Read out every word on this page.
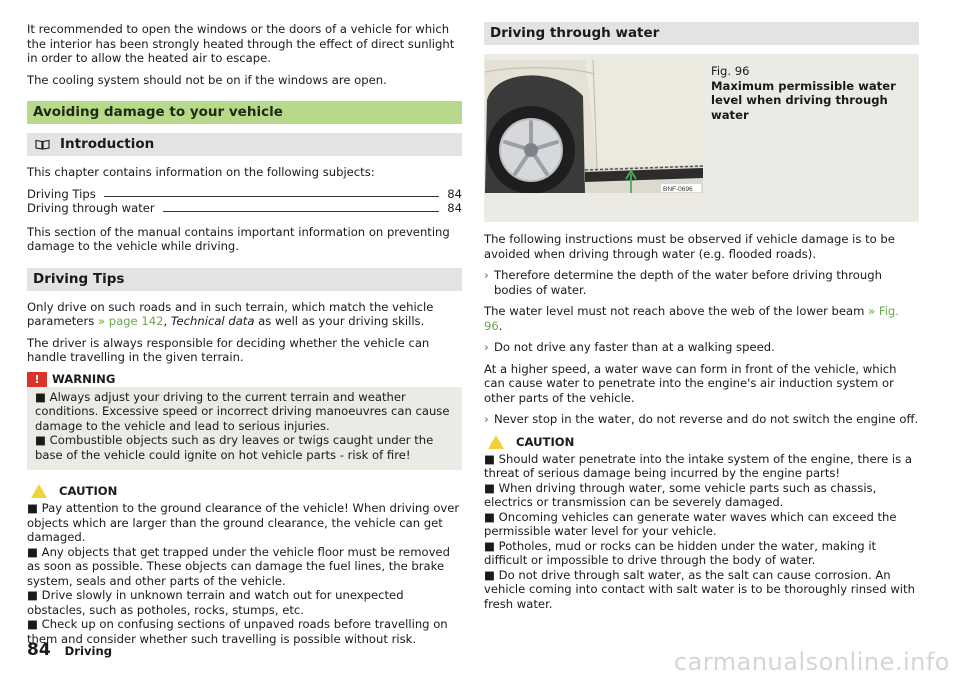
It recommended to open the windows or the doors of a vehicle for which the interior has been strongly heated through the effect of direct sunlight in order to allow the heated air to escape.

The cooling system should not be on if the windows are open.

Avoiding damage to your vehicle
Introduction

This chapter contains information on the following subjects:

Driving Tips	84
Driving through water	84

This section of the manual contains important information on preventing damage to the vehicle while driving.

Driving Tips

Only drive on such roads and in such terrain, which match the vehicle parameters » page 142, Technical data as well as your driving skills.

The driver is always responsible for deciding whether the vehicle can handle travelling in the given terrain.

!	WARNING

■ Always adjust your driving to the current terrain and weather conditions. Excessive speed or incorrect driving manoeuvres can cause damage to the vehicle and lead to serious injuries.

■ Combustible objects such as dry leaves or twigs caught under the base of the vehicle could ignite on hot vehicle parts - risk of fire!

CAUTION

■ Pay attention to the ground clearance of the vehicle! When driving over objects which are larger than the ground clearance, the vehicle can get damaged.

■ Any objects that get trapped under the vehicle floor must be removed as soon as possible. These objects can damage the fuel lines, the brake system, seals and other parts of the vehicle.

■ Drive slowly in unknown terrain and watch out for unexpected obstacles, such as potholes, rocks, stumps, etc.

■ Check up on confusing sections of unpaved roads before travelling on them and consider whether such travelling is possible without risk.

Driving through water
BNF-0696
Fig. 96
Maximum permissible water level when driving through water

The following instructions must be observed if vehicle damage is to be avoided when driving through water (e.g. flooded roads).

› Therefore determine the depth of the water before driving through bodies of water.

The water level must not reach above the web of the lower beam » Fig. 96.

› Do not drive any faster than at a walking speed.

At a higher speed, a water wave can form in front of the vehicle, which can cause water to penetrate into the engine's air induction system or other parts of the vehicle.

› Never stop in the water, do not reverse and do not switch the engine off.
CAUTION

■ Should water penetrate into the intake system of the engine, there is a threat of serious damage being incurred by the engine parts!

■ When driving through water, some vehicle parts such as chassis, electrics or transmission can be severely damaged.

■ Oncoming vehicles can generate water waves which can exceed the permissible water level for your vehicle.

■ Potholes, mud or rocks can be hidden under the water, making it difficult or impossible to drive through the body of water.

■ Do not drive through salt water, as the salt can cause corrosion. An vehicle coming into contact with salt water is to be thoroughly rinsed with fresh water.

84 Driving	carmanualsonline.info
